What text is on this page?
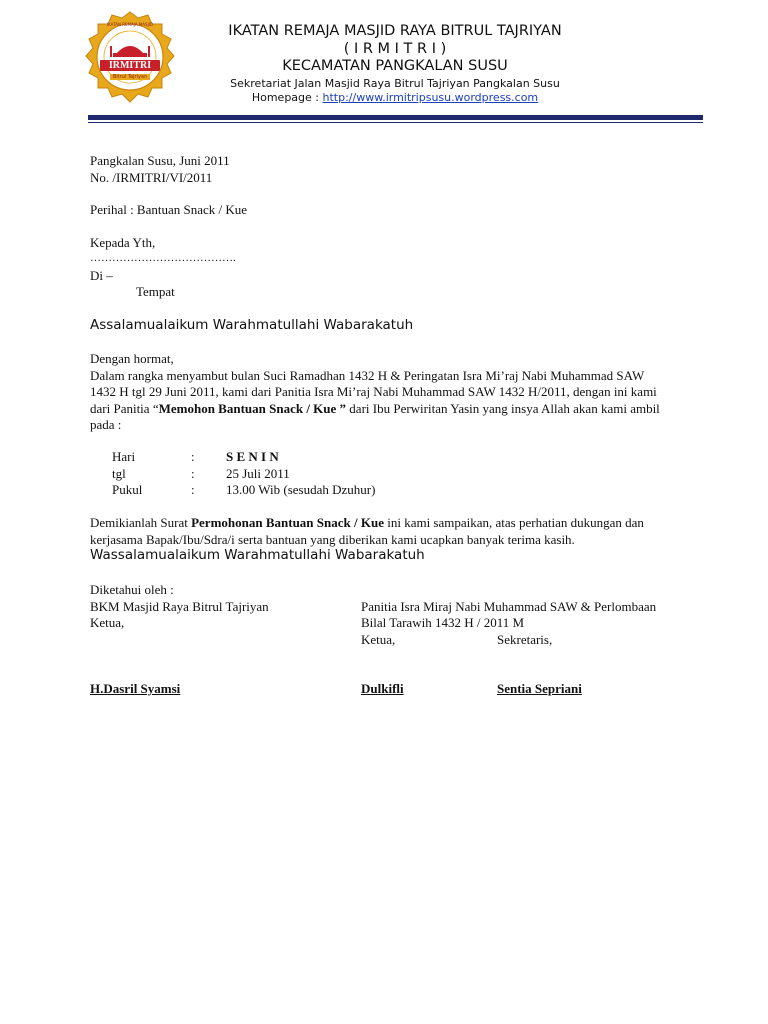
IRMITRI
Bitrul Tajriyan
IKATAN REMAJA MASJID	IKATAN REMAJA MASJID RAYA BITRUL TAJRIYAN
( I R M I T R I )
KECAMATAN PANGKALAN SUSU
Sekretariat Jalan Masjid Raya Bitrul Tajriyan Pangkalan Susu
Homepage : http://www.irmitripsusu.wordpress.com
Pangkalan Susu, Juni 2011
No. /IRMITRI/VI/2011
Perihal : Bantuan Snack / Kue
Kepada Yth,
………………………………….
Di –
Tempat
Assalamualaikum Warahmatullahi Wabarakatuh
Dengan hormat,
Dalam rangka menyambut bulan Suci Ramadhan 1432 H & Peringatan Isra Mi’raj Nabi Muhammad SAW
1432 H tgl 29 Juni 2011, kami dari Panitia Isra Mi’raj Nabi Muhammad SAW 1432 H/2011, dengan ini kami
dari Panitia “Memohon Bantuan Snack / Kue ” dari Ibu Perwiritan Yasin yang insya Allah akan kami ambil
pada :
Hari	: S E N I N
tgl	: 25 Juli 2011
Pukul	: 13.00 Wib (sesudah Dzuhur)
Demikianlah Surat Permohonan Bantuan Snack / Kue ini kami sampaikan, atas perhatian dukungan dan
kerjasama Bapak/Ibu/Sdra/i serta bantuan yang diberikan kami ucapkan banyak terima kasih.
Wassalamualaikum Warahmatullahi Wabarakatuh
Diketahui oleh :
BKM Masjid Raya Bitrul Tajriyan
Ketua,
Panitia Isra Miraj Nabi Muhammad SAW & Perlombaan
Bilal Tarawih 1432 H / 2011 M
Ketua,	Sekretaris,
H.Dasril Syamsi	Dulkifli	Sentia Sepriani
